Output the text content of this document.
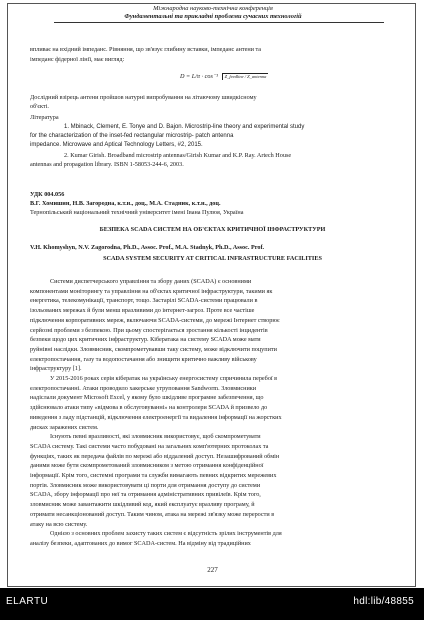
Міжнародна науково-технічна конференція
Фундаментальні та прикладні проблеми сучасних технологій
впливає на вхідний імпеданс. Рівняння, що зв'язує глибину вставки, імпеданс антени та
імпеданс фідерної лінії, має вигляд:
D = L/π · cos⁻¹ Z_feedline / Z_antenna
Дослідний взірець антени пройшов натурні випробування на літаючому швидкісному
об'єкті.
Література
1. Mbinack, Clement, E. Tonye and D. Bajon. Microstrip-line theory and experimental study
for the characterization of the inset-fed rectangular microstrip- patch antenna
impedance. Microwave and Aptical Technology Letters, #2, 2015.
2. Kumar Girish. Broadband microstrip antennas/Girish Kumar and K.P. Ray. Artech House
antennas and propagation library. ISBN 1-58053-244-6, 2003.
УДК 004.056
В.Г. Хомишин, Н.В. Загородна, к.т.н., доц., М.А. Стадник, к.т.н., доц.
Тернопільський національний технічний університет імені Івана Пулюя, Україна
БЕЗПЕКА SCADA СИСТЕМ НА ОБ'ЄКТАХ КРИТИЧНОЇ ІНФРАСТРУКТУРИ
V.H. Khomyshyn, N.V. Zagorodna, Ph.D., Assoc. Prof., M.A. Stadnyk, Ph.D., Assoc. Prof.
SCADA SYSTEM SECURITY AT CRITICAL INFRASTRUCTURE FACILITIES
Системи диспетчерського управління та збору даних (SCADA) є основними
компонентами моніторингу та управління на об'єктах критичної інфраструктури, такими як
енергетика, телекомунікації, транспорт, тощо. Застарілі SCADA-системи працювали в
ізольованих мережах й були менш вразливими до інтернет-загроз. Проте все частіше
підключення корпоративних мереж, включаючи SCADA-системи, до мережі Інтернет створює
серйозні проблеми з безпекою. При цьому спостерігається зростання кількості інцидентів
безпеки щодо цих критичних інфраструктур. Кібератака на систему SCADA може мати
руйнівні наслідки. Зловмисник, скомпрометувавши таку систему, може відключити поцупити
електропостачання, газу та водопостачання або знищити критично важливу військову
інфраструктуру [1].
У 2015-2016 роках серія кібератак на українську енергосистему спричинила перебої в
електропостачанні. Атаки проводило хакерське угруповання Sandworm. Зловмисники
надіслали документ Microsoft Excel, у якому було шкідливе програмне забезпечення, що
здійснювало атаки типу «відмова в обслуговуванні» на контролери SCADA й призвело до
виведення з ладу підстанцій, відключення електроенергії та видалення інформації на жорстких
дисках заражених систем.
Існують певні вразливості, які зловмисник використовує, щоб скомпрометувати
SCADA систему. Такі системи часто побудовані на загальних комп'ютерних протоколах та
функціях, таких як передача файлів по мережі або віддалений доступ. Незашифрований обмін
даними може бути скомпрометований зловмисником з метою отримання конфіденційної
інформації. Крім того, системні програми та служби вимагають певних відкритих мережевих
портів. Зловмисник може використовувати ці порти для отримання доступу до системи
SCADA, зборy інформації про неї та отримання адміністративних привілеїв. Крім того,
зловмисник може завантажити шкідливий код, який експлуатує вразливу програму, й
отримати несанкціонований доступ. Таким чином, атака на мережі зв'язку може перерости в
атаку на всю систему.
Однією з основних проблем захисту таких систем є відсутність зрілих інструментів для
аналізу безпеки, адаптованих до вимог SCADA-систем. На відміну від традиційних
227
ELARTU	hdl:lib/48855
